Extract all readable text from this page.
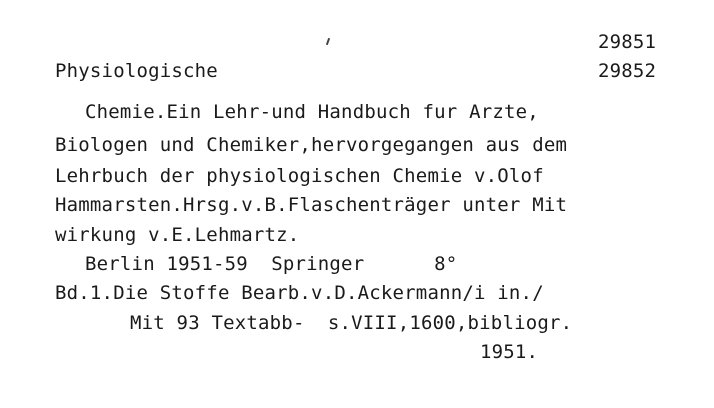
29851
29852
Physiologische
Chemie.Ein Lehr-und Handbuch fur Arzte,
Biologen und Chemiker,hervorgegangen aus dem
Lehrbuch der physiologischen Chemie v.Olof
Hammarsten.Hrsg.v.B.Flaschenträger unter Mit
wirkung v.E.Lehmartz.
Berlin 1951-59  Springer      8°
Bd.1.Die Stoffe Bearb.v.D.Ackermann/i in./
Mit 93 Textabb-  s.VIII,1600,bibliogr.
1951.
